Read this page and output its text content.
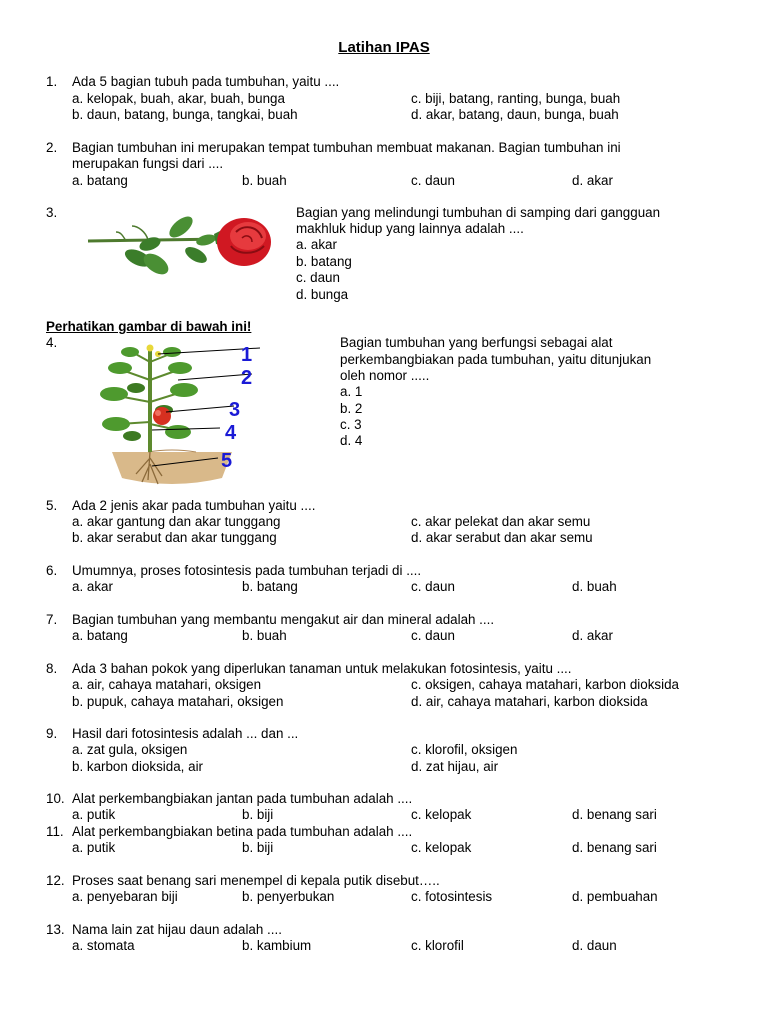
Latihan IPAS
1.	Ada 5 bagian tubuh pada tumbuhan, yaitu ....
a. kelopak, buah, akar, buah, bunga
b. daun, batang, bunga, tangkai, buah
c. biji, batang, ranting, bunga, buah
d. akar, batang, daun, bunga, buah
2.	Bagian tumbuhan ini merupakan tempat tumbuhan membuat makanan. Bagian tumbuhan ini
merupakan fungsi dari ....
a. batang	b. buah	c. daun	d. akar
3.	Bagian yang melindungi tumbuhan di samping dari gangguan
makhluk hidup yang lainnya adalah ....
a. akar
b. batang
c. daun
d. bunga
Perhatikan gambar di bawah ini!
4.
1
2
3
4
5
Bagian tumbuhan yang berfungsi sebagai alat
perkembangbiakan pada tumbuhan, yaitu ditunjukan
oleh nomor .....
a. 1
b. 2
c. 3
d. 4
5.	Ada 2 jenis akar pada tumbuhan yaitu ....
a. akar gantung dan akar tunggang
b. akar serabut dan akar tunggang
c. akar pelekat dan akar semu
d. akar serabut dan akar semu
6.	Umumnya, proses fotosintesis pada tumbuhan terjadi di ....
a. akar	b. batang	c. daun	d. buah
7.	Bagian tumbuhan yang membantu mengakut air dan mineral adalah ....
a. batang	b. buah	c. daun	d. akar
8.	Ada 3 bahan pokok yang diperlukan tanaman untuk melakukan fotosintesis, yaitu ....
a. air, cahaya matahari, oksigen
b. pupuk, cahaya matahari, oksigen
c. oksigen, cahaya matahari, karbon dioksida
d. air, cahaya matahari, karbon dioksida
9.	Hasil dari fotosintesis adalah ... dan ...
a. zat gula, oksigen
b. karbon dioksida, air
c. klorofil, oksigen
d. zat hijau, air
10. Alat perkembangbiakan jantan pada tumbuhan adalah ....
a. putik	b. biji	c. kelopak	d. benang sari
11. Alat perkembangbiakan betina pada tumbuhan adalah ....
a. putik	b. biji	c. kelopak	d. benang sari
12. Proses saat benang sari menempel di kepala putik disebut…..
a. penyebaran biji	b. penyerbukan	c. fotosintesis	d. pembuahan
13. Nama lain zat hijau daun adalah ....
a. stomata	b. kambium	c. klorofil	d. daun
